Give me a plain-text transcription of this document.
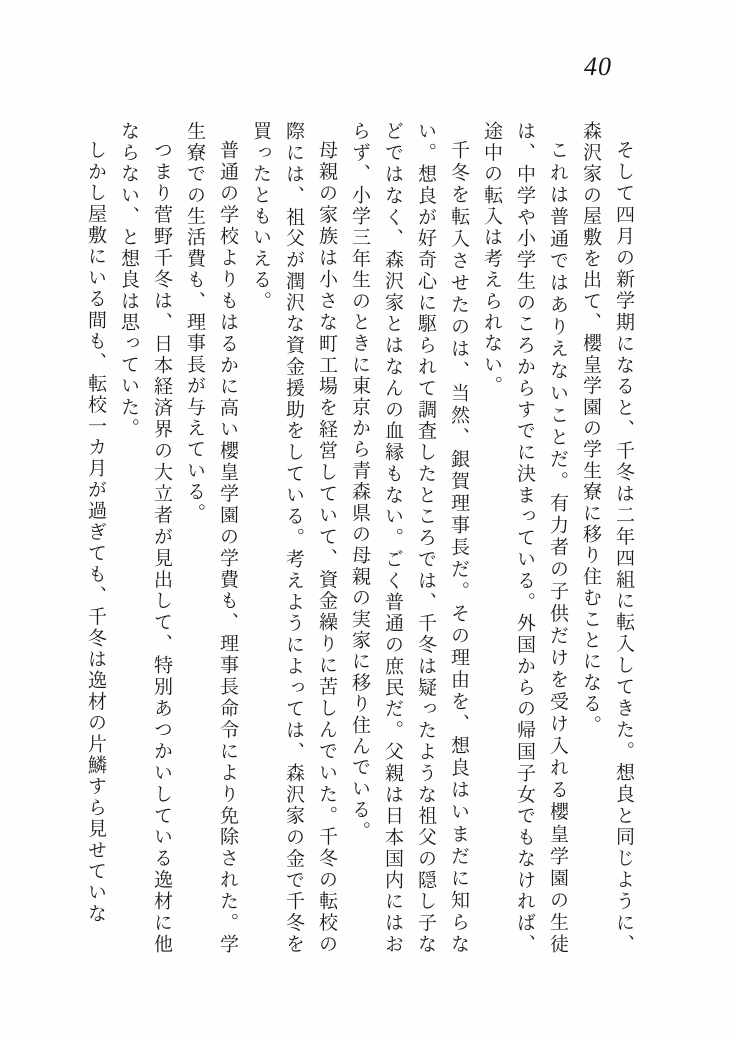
40

そして四月の新学期になると、千冬は二年四組に転入してきた。想良と同じように、森沢家の屋敷を出て、櫻皇学園の学生寮に移り住むことになる。

これは普通ではありえないことだ。有力者の子供だけを受け入れる櫻皇学園の生徒は、中学や小学生のころからすでに決まっている。外国からの帰国子女でもなければ、途中の転入は考えられない。

千冬を転入させたのは、当然、銀賀理事長だ。その理由を、想良はいまだに知らない。想良が好奇心に駆られて調査したところでは、千冬は疑ったような祖父の隠し子などではなく、森沢家とはなんの血縁もない。ごく普通の庶民だ。父親は日本国内にはおらず、小学三年生のときに東京から青森県の母親の実家に移り住んでいる。

母親の家族は小さな町工場を経営していて、資金繰りに苦しんでいた。千冬の転校の際には、祖父が潤沢な資金援助をしている。考えようによっては、森沢家の金で千冬を買ったともいえる。

普通の学校よりもはるかに高い櫻皇学園の学費も、理事長命令により免除された。学生寮での生活費も、理事長が与えている。

つまり菅野千冬は、日本経済界の大立者が見出して、特別あつかいしている逸材に他ならない、と想良は思っていた。

しかし屋敷にいる間も、転校一カ月が過ぎても、千冬は逸材の片鱗すら見せていな
